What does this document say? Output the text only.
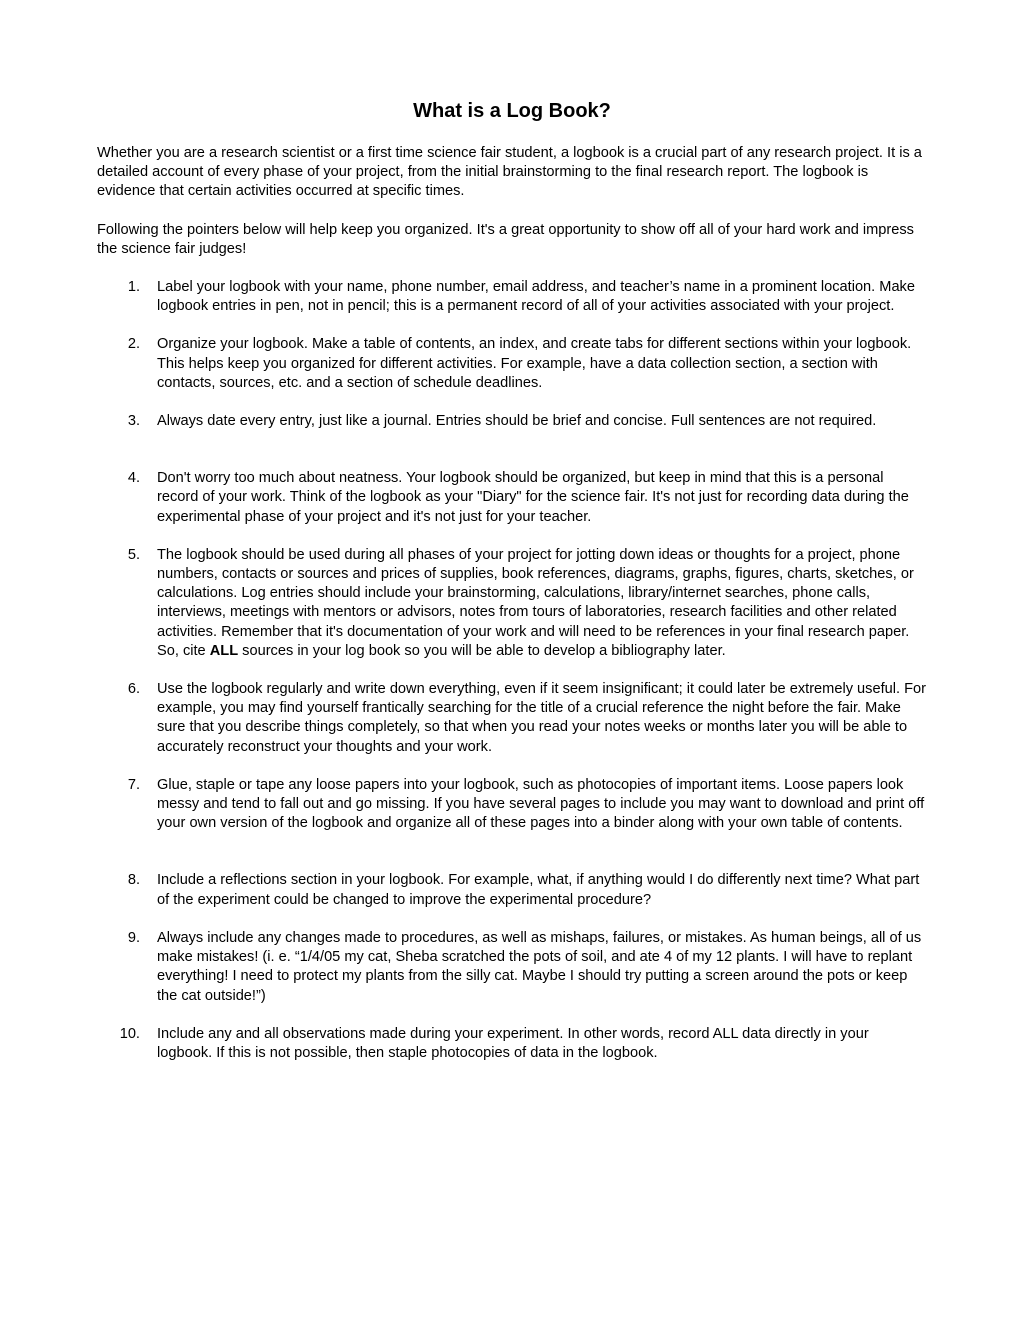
What is a Log Book?

Whether you are a research scientist or a first time science fair student, a logbook is a crucial part of any research project. It is a detailed account of every phase of your project, from the initial brainstorming to the final research report. The logbook is evidence that certain activities occurred at specific times.

Following the pointers below will help keep you organized. It's a great opportunity to show off all of your hard work and impress the science fair judges!

1. Label your logbook with your name, phone number, email address, and teacher’s name in a prominent location. Make logbook entries in pen, not in pencil; this is a permanent record of all of your activities associated with your project.
2. Organize your logbook. Make a table of contents, an index, and create tabs for different sections within your logbook. This helps keep you organized for different activities. For example, have a data collection section, a section with contacts, sources, etc. and a section of schedule deadlines.
3. Always date every entry, just like a journal. Entries should be brief and concise. Full sentences are not required.
4. Don't worry too much about neatness. Your logbook should be organized, but keep in mind that this is a personal record of your work. Think of the logbook as your "Diary" for the science fair. It's not just for recording data during the experimental phase of your project and it's not just for your teacher.
5. The logbook should be used during all phases of your project for jotting down ideas or thoughts for a project, phone numbers, contacts or sources and prices of supplies, book references, diagrams, graphs, figures, charts, sketches, or calculations. Log entries should include your brainstorming, calculations, library/internet searches, phone calls, interviews, meetings with mentors or advisors, notes from tours of laboratories, research facilities and other related activities. Remember that it's documentation of your work and will need to be references in your final research paper. So, cite ALL sources in your log book so you will be able to develop a bibliography later.
6. Use the logbook regularly and write down everything, even if it seem insignificant; it could later be extremely useful. For example, you may find yourself frantically searching for the title of a crucial reference the night before the fair. Make sure that you describe things completely, so that when you read your notes weeks or months later you will be able to accurately reconstruct your thoughts and your work.
7. Glue, staple or tape any loose papers into your logbook, such as photocopies of important items. Loose papers look messy and tend to fall out and go missing. If you have several pages to include you may want to download and print off your own version of the logbook and organize all of these pages into a binder along with your own table of contents.
8. Include a reflections section in your logbook. For example, what, if anything would I do differently next time? What part of the experiment could be changed to improve the experimental procedure?
9. Always include any changes made to procedures, as well as mishaps, failures, or mistakes. As human beings, all of us make mistakes! (i. e. “1/4/05 my cat, Sheba scratched the pots of soil, and ate 4 of my 12 plants. I will have to replant everything! I need to protect my plants from the silly cat. Maybe I should try putting a screen around the pots or keep the cat outside!”)
10. Include any and all observations made during your experiment. In other words, record ALL data directly in your logbook. If this is not possible, then staple photocopies of data in the logbook.
